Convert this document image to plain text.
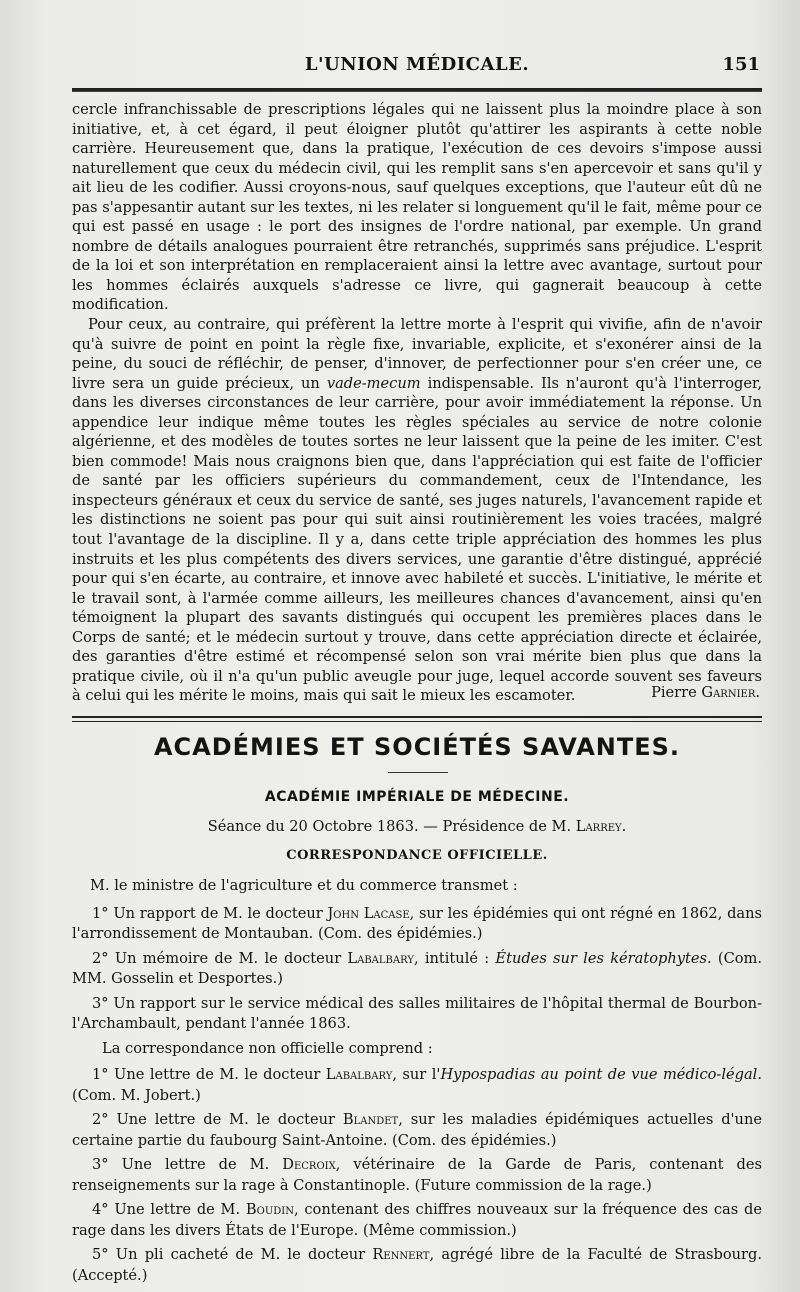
L'UNION MÉDICALE.	151

cercle infranchissable de prescriptions légales qui ne laissent plus la moindre place à son initiative, et, à cet égard, il peut éloigner plutôt qu'attirer les aspirants à cette noble carrière. Heureusement que, dans la pratique, l'exécution de ces devoirs s'impose aussi naturellement que ceux du médecin civil, qui les remplit sans s'en apercevoir et sans qu'il y ait lieu de les codifier. Aussi croyons-nous, sauf quelques exceptions, que l'auteur eût dû ne pas s'appesantir autant sur les textes, ni les relater si longuement qu'il le fait, même pour ce qui est passé en usage : le port des insignes de l'ordre national, par exemple. Un grand nombre de détails analogues pourraient être retranchés, supprimés sans préjudice. L'esprit de la loi et son interprétation en remplaceraient ainsi la lettre avec avantage, surtout pour les hommes éclairés auxquels s'adresse ce livre, qui gagnerait beaucoup à cette modification.

Pour ceux, au contraire, qui préfèrent la lettre morte à l'esprit qui vivifie, afin de n'avoir qu'à suivre de point en point la règle fixe, invariable, explicite, et s'exonérer ainsi de la peine, du souci de réfléchir, de penser, d'innover, de perfectionner pour s'en créer une, ce livre sera un guide précieux, un vade-mecum indispensable. Ils n'auront qu'à l'interroger, dans les diverses circonstances de leur carrière, pour avoir immédiatement la réponse. Un appendice leur indique même toutes les règles spéciales au service de notre colonie algérienne, et des modèles de toutes sortes ne leur laissent que la peine de les imiter. C'est bien commode! Mais nous craignons bien que, dans l'appréciation qui est faite de l'officier de santé par les officiers supérieurs du commandement, ceux de l'Intendance, les inspecteurs généraux et ceux du service de santé, ses juges naturels, l'avancement rapide et les distinctions ne soient pas pour qui suit ainsi routinièrement les voies tracées, malgré tout l'avantage de la discipline. Il y a, dans cette triple appréciation des hommes les plus instruits et les plus compétents des divers services, une garantie d'être distingué, apprécié pour qui s'en écarte, au contraire, et innove avec habileté et succès. L'initiative, le mérite et le travail sont, à l'armée comme ailleurs, les meilleures chances d'avancement, ainsi qu'en témoignent la plupart des savants distingués qui occupent les premières places dans le Corps de santé; et le médecin surtout y trouve, dans cette appréciation directe et éclairée, des garanties d'être estimé et récompensé selon son vrai mérite bien plus que dans la pratique civile, où il n'a qu'un public aveugle pour juge, lequel accorde souvent ses faveurs à celui qui les mérite le moins, mais qui sait le mieux les escamoter.	Pierre Garnier.
ACADÉMIES ET SOCIÉTÉS SAVANTES.
ACADÉMIE IMPÉRIALE DE MÉDECINE.
Séance du 20 Octobre 1863. — Présidence de M. Larrey.
CORRESPONDANCE OFFICIELLE.

M. le ministre de l'agriculture et du commerce transmet :

1° Un rapport de M. le docteur John Lacase, sur les épidémies qui ont régné en 1862, dans l'arrondissement de Montauban. (Com. des épidémies.)

2° Un mémoire de M. le docteur Labalbary, intitulé : Études sur les kératophytes. (Com. MM. Gosselin et Desportes.)

3° Un rapport sur le service médical des salles militaires de l'hôpital thermal de Bourbon-l'Archambault, pendant l'année 1863.

La correspondance non officielle comprend :

1° Une lettre de M. le docteur Labalbary, sur l'Hypospadias au point de vue médico-légal. (Com. M. Jobert.)

2° Une lettre de M. le docteur Blandet, sur les maladies épidémiques actuelles d'une certaine partie du faubourg Saint-Antoine. (Com. des épidémies.)

3° Une lettre de M. Decroix, vétérinaire de la Garde de Paris, contenant des renseignements sur la rage à Constantinople. (Future commission de la rage.)

4° Une lettre de M. Boudin, contenant des chiffres nouveaux sur la fréquence des cas de rage dans les divers États de l'Europe. (Même commission.)

5° Un pli cacheté de M. le docteur Rennert, agrégé libre de la Faculté de Strasbourg. (Accepté.)
